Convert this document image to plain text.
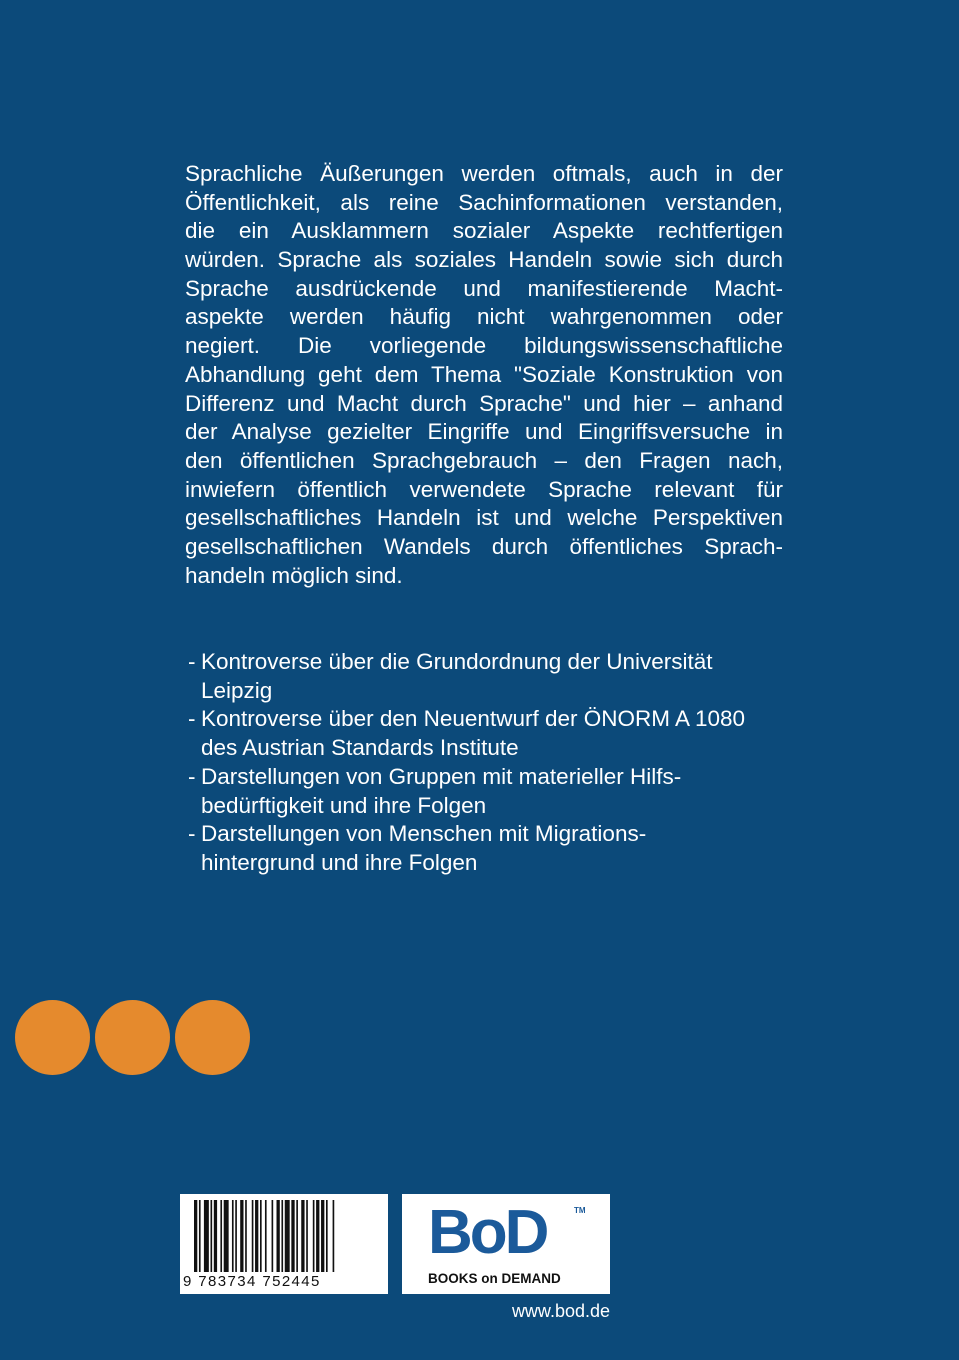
Sprachliche Äußerungen werden oftmals, auch in der
Öffentlichkeit, als reine Sachinformationen verstanden,
die ein Ausklammern sozialer Aspekte rechtfertigen
würden. Sprache als soziales Handeln sowie sich durch
Sprache ausdrückende und manifestierende Macht-
aspekte werden häufig nicht wahrgenommen oder
negiert. Die vorliegende bildungswissenschaftliche
Abhandlung geht dem Thema "Soziale Konstruktion von
Differenz und Macht durch Sprache" und hier – anhand
der Analyse gezielter Eingriffe und Eingriffsversuche in
den öffentlichen Sprachgebrauch – den Fragen nach,
inwiefern öffentlich verwendete Sprache relevant für
gesellschaftliches Handeln ist und welche Perspektiven
gesellschaftlichen Wandels durch öffentliches Sprach-
handeln möglich sind.
- Kontroverse über die Grundordnung der Universität
Leipzig
- Kontroverse über den Neuentwurf der ÖNORM A 1080
des Austrian Standards Institute
- Darstellungen von Gruppen mit materieller Hilfs-
bedürftigkeit und ihre Folgen
- Darstellungen von Menschen mit Migrations-
hintergrund und ihre Folgen
9 783734 752445
BoD	TM
BOOKS on DEMAND
www.bod.de
